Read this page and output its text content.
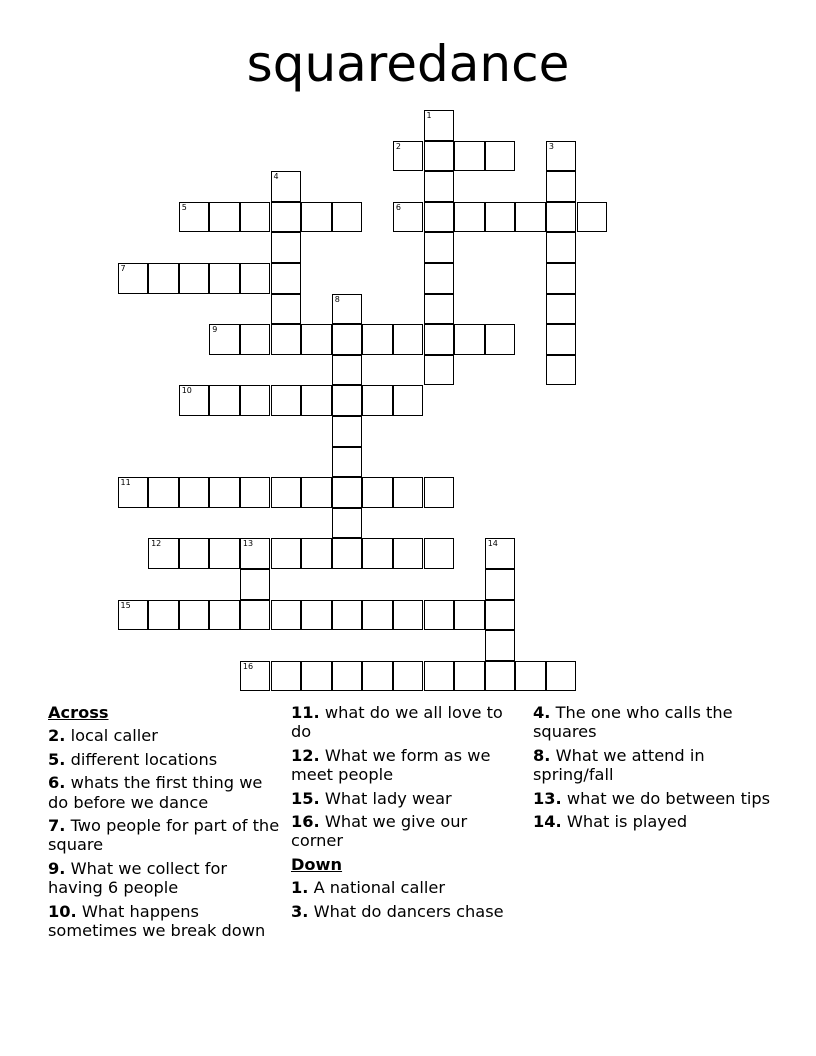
squaredance
1
2	3
4
5	6
7
8
9
10
11
12	13	14
15
16
Across
2. local caller
5. different locations
6. whats the first thing we do before we dance
7. Two people for part of the square
9. What we collect for having 6 people
10. What happens sometimes we break down
11. what do we all love to do
12. What we form as we meet people
15. What lady wear
16. What we give our corner
Down
1. A national caller
3. What do dancers chase
4. The one who calls the squares
8. What we attend in spring/fall
13. what we do between tips
14. What is played
